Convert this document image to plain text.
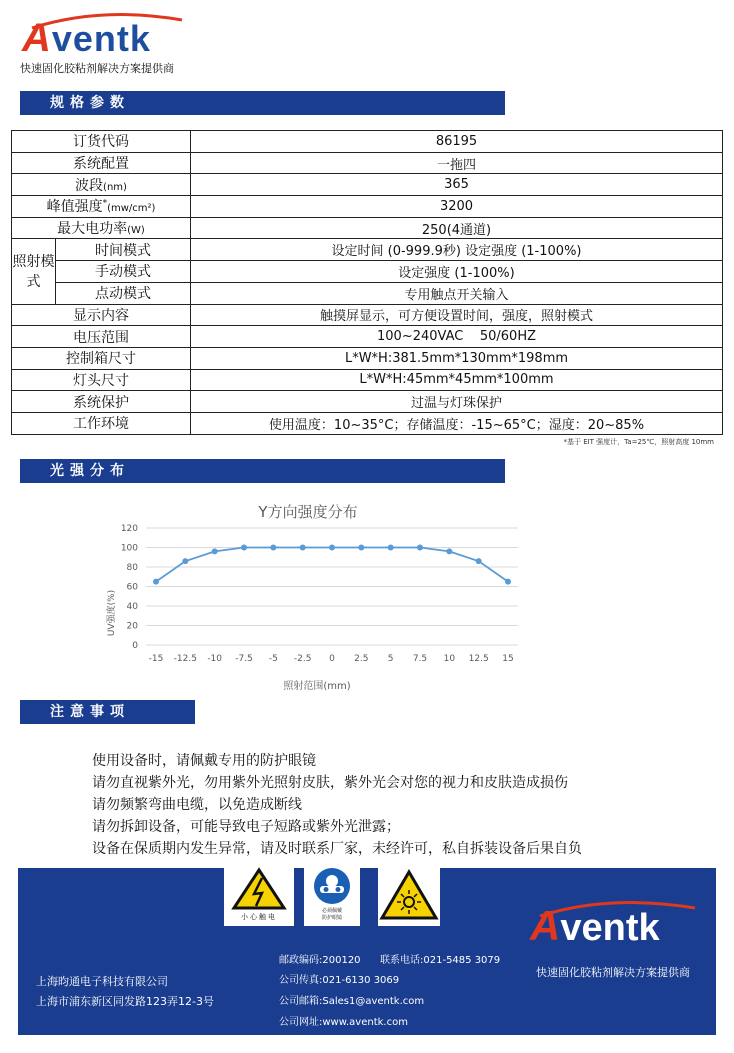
Aventk
快速固化胶粘剂解决方案提供商
规格参数
订货代码		86195
系统配置		一拖四
波段(nm)		365
峰值强度*(mw/cm²)		3200
最大电功率(W)		250(4通道)
照射模式	时间模式	设定时间 (0-999.9秒) 设定强度 (1-100%)
	手动模式	设定强度 (1-100%)
	点动模式	专用触点开关输入
显示内容		触摸屏显示，可方便设置时间，强度，照射模式
电压范围		100~240VAC    50/60HZ
控制箱尺寸		L*W*H:381.5mm*130mm*198mm
灯头尺寸		L*W*H:45mm*45mm*100mm
系统保护		过温与灯珠保护
工作环境		使用温度：10~35°C；存储温度：-15~65°C；湿度：20~85%
*基于 EIT 强度计，Ta=25℃，照射高度 10mm
光强分布
Y方向强度分布
照射范围(mm)
UV强度(%)
0
20
40
60
80
100
120
-15 -12.5 -10 -7.5 -5 -2.5 0 2.5 5 7.5 10 12.5 15
注意事项
使用设备时，请佩戴专用的防护眼镜
请勿直视紫外光，勿用紫外光照射皮肤，紫外光会对您的视力和皮肤造成损伤
请勿频繁弯曲电缆，以免造成断线
请勿拆卸设备，可能导致电子短路或紫外光泄露；
设备在保质期内发生异常，请及时联系厂家，未经许可，私自拆装设备后果自负
小心触电
必须佩戴
防护眼镜	Aventk
上海昀通电子科技有限公司
上海市浦东新区同发路123弄12-3号
邮政编码:200120 联系电话:021-5485 3079
公司传真:021-6130 3069
公司邮箱:Sales1@aventk.com
公司网址:www.aventk.com
快速固化胶粘剂解决方案提供商
